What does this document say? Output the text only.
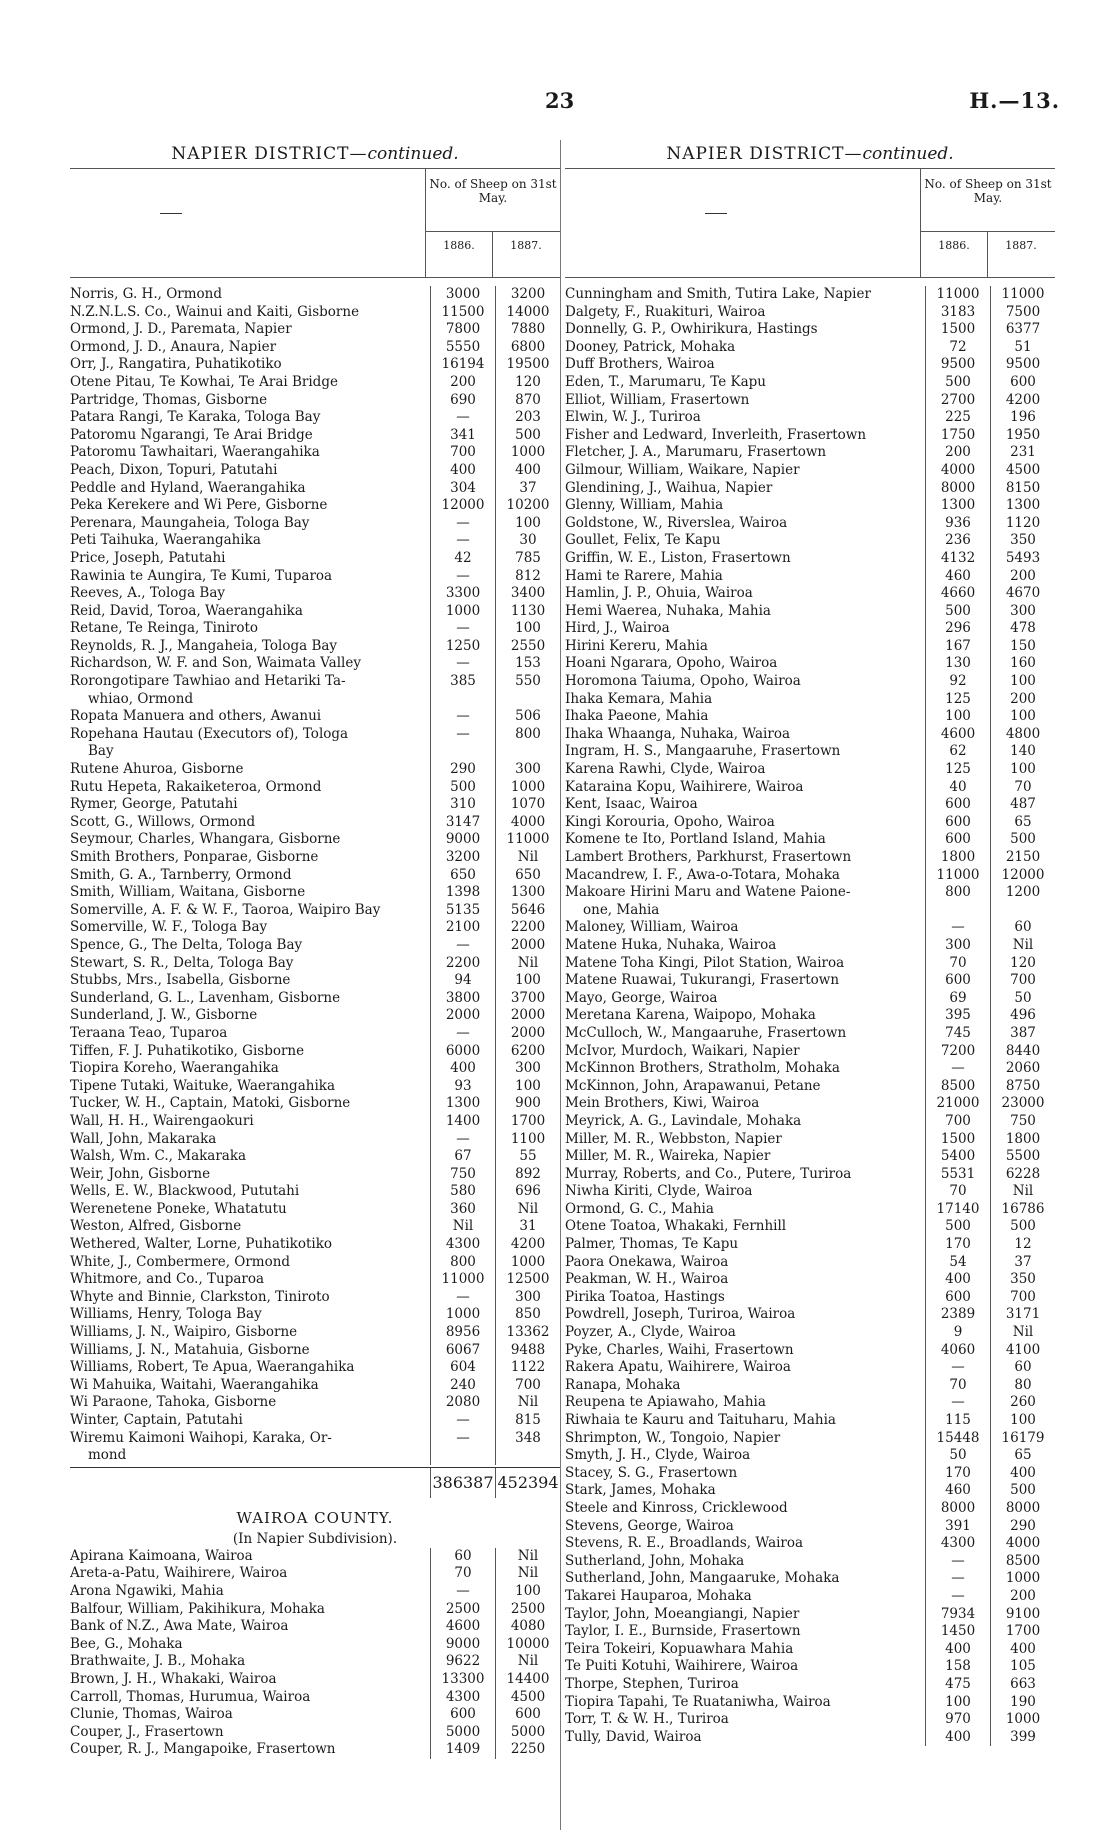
23	H.—13.
NAPIER DISTRICT—continued.
No. of Sheep on 31st May.
1886.	1887.
Norris, G. H., Ormond	3000	3200
N.Z.N.L.S. Co., Wainui and Kaiti, Gisborne	11500	14000
Ormond, J. D., Paremata, Napier	7800	7880
Ormond, J. D., Anaura, Napier	5550	6800
Orr, J., Rangatira, Puhatikotiko	16194	19500
Otene Pitau, Te Kowhai, Te Arai Bridge	200	120
Partridge, Thomas, Gisborne	690	870
Patara Rangi, Te Karaka, Tologa Bay	—	203
Patoromu Ngarangi, Te Arai Bridge	341	500
Patoromu Tawhaitari, Waerangahika	700	1000
Peach, Dixon, Topuri, Patutahi	400	400
Peddle and Hyland, Waerangahika	304	37
Peka Kerekere and Wi Pere, Gisborne	12000	10200
Perenara, Maungaheia, Tologa Bay	—	100
Peti Taihuka, Waerangahika	—	30
Price, Joseph, Patutahi	42	785
Rawinia te Aungira, Te Kumi, Tuparoa	—	812
Reeves, A., Tologa Bay	3300	3400
Reid, David, Toroa, Waerangahika	1000	1130
Retane, Te Reinga, Tiniroto	—	100
Reynolds, R. J., Mangaheia, Tologa Bay	1250	2550
Richardson, W. F. and Son, Waimata Valley	—	153
Rorongotipare Tawhiao and Hetariki Ta-	385	550
whiao, Ormond
Ropata Manuera and others, Awanui	—	506
Ropehana Hautau (Executors of), Tologa	—	800
Bay
Rutene Ahuroa, Gisborne	290	300
Rutu Hepeta, Rakaiketeroa, Ormond	500	1000
Rymer, George, Patutahi	310	1070
Scott, G., Willows, Ormond	3147	4000
Seymour, Charles, Whangara, Gisborne	9000	11000
Smith Brothers, Ponparae, Gisborne	3200	Nil
Smith, G. A., Tarnberry, Ormond	650	650
Smith, William, Waitana, Gisborne	1398	1300
Somerville, A. F. & W. F., Taoroa, Waipiro Bay	5135	5646
Somerville, W. F., Tologa Bay	2100	2200
Spence, G., The Delta, Tologa Bay	—	2000
Stewart, S. R., Delta, Tologa Bay	2200	Nil
Stubbs, Mrs., Isabella, Gisborne	94	100
Sunderland, G. L., Lavenham, Gisborne	3800	3700
Sunderland, J. W., Gisborne	2000	2000
Teraana Teao, Tuparoa	—	2000
Tiffen, F. J. Puhatikotiko, Gisborne	6000	6200
Tiopira Koreho, Waerangahika	400	300
Tipene Tutaki, Waituke, Waerangahika	93	100
Tucker, W. H., Captain, Matoki, Gisborne	1300	900
Wall, H. H., Wairengaokuri	1400	1700
Wall, John, Makaraka	—	1100
Walsh, Wm. C., Makaraka	67	55
Weir, John, Gisborne	750	892
Wells, E. W., Blackwood, Pututahi	580	696
Werenetene Poneke, Whatatutu	360	Nil
Weston, Alfred, Gisborne	Nil	31
Wethered, Walter, Lorne, Puhatikotiko	4300	4200
White, J., Combermere, Ormond	800	1000
Whitmore, and Co., Tuparoa	11000	12500
Whyte and Binnie, Clarkston, Tiniroto	—	300
Williams, Henry, Tologa Bay	1000	850
Williams, J. N., Waipiro, Gisborne	8956	13362
Williams, J. N., Matahuia, Gisborne	6067	9488
Williams, Robert, Te Apua, Waerangahika	604	1122
Wi Mahuika, Waitahi, Waerangahika	240	700
Wi Paraone, Tahoka, Gisborne	2080	Nil
Winter, Captain, Patutahi	—	815
Wiremu Kaimoni Waihopi, Karaka, Or-	—	348
mond
386387 452394
WAIROA COUNTY.
(In Napier Subdivision).
Apirana Kaimoana, Wairoa	60	Nil
Areta-a-Patu, Waihirere, Wairoa	70	Nil
Arona Ngawiki, Mahia	—	100
Balfour, William, Pakihikura, Mohaka	2500	2500
Bank of N.Z., Awa Mate, Wairoa	4600	4080
Bee, G., Mohaka	9000	10000
Brathwaite, J. B., Mohaka	9622	Nil
Brown, J. H., Whakaki, Wairoa	13300	14400
Carroll, Thomas, Hurumua, Wairoa	4300	4500
Clunie, Thomas, Wairoa	600	600
Couper, J., Frasertown	5000	5000
Couper, R. J., Mangapoike, Frasertown	1409	2250
NAPIER DISTRICT—continued.
No. of Sheep on 31st May.
1886.	1887.
Cunningham and Smith, Tutira Lake, Napier	11000	11000
Dalgety, F., Ruakituri, Wairoa	3183	7500
Donnelly, G. P., Owhirikura, Hastings	1500	6377
Dooney, Patrick, Mohaka	72	51
Duff Brothers, Wairoa	9500	9500
Eden, T., Marumaru, Te Kapu	500	600
Elliot, William, Frasertown	2700	4200
Elwin, W. J., Turiroa	225	196
Fisher and Ledward, Inverleith, Frasertown	1750	1950
Fletcher, J. A., Marumaru, Frasertown	200	231
Gilmour, William, Waikare, Napier	4000	4500
Glendining, J., Waihua, Napier	8000	8150
Glenny, William, Mahia	1300	1300
Goldstone, W., Riverslea, Wairoa	936	1120
Goullet, Felix, Te Kapu	236	350
Griffin, W. E., Liston, Frasertown	4132	5493
Hami te Rarere, Mahia	460	200
Hamlin, J. P., Ohuia, Wairoa	4660	4670
Hemi Waerea, Nuhaka, Mahia	500	300
Hird, J., Wairoa	296	478
Hirini Kereru, Mahia	167	150
Hoani Ngarara, Opoho, Wairoa	130	160
Horomona Taiuma, Opoho, Wairoa	92	100
Ihaka Kemara, Mahia	125	200
Ihaka Paeone, Mahia	100	100
Ihaka Whaanga, Nuhaka, Wairoa	4600	4800
Ingram, H. S., Mangaaruhe, Frasertown	62	140
Karena Rawhi, Clyde, Wairoa	125	100
Kataraina Kopu, Waihirere, Wairoa	40	70
Kent, Isaac, Wairoa	600	487
Kingi Korouria, Opoho, Wairoa	600	65
Komene te Ito, Portland Island, Mahia	600	500
Lambert Brothers, Parkhurst, Frasertown	1800	2150
Macandrew, I. F., Awa-o-Totara, Mohaka	11000	12000
Makoare Hirini Maru and Watene Paione-	800	1200
one, Mahia
Maloney, William, Wairoa	—	60
Matene Huka, Nuhaka, Wairoa	300	Nil
Matene Toha Kingi, Pilot Station, Wairoa	70	120
Matene Ruawai, Tukurangi, Frasertown	600	700
Mayo, George, Wairoa	69	50
Meretana Karena, Waipopo, Mohaka	395	496
McCulloch, W., Mangaaruhe, Frasertown	745	387
McIvor, Murdoch, Waikari, Napier	7200	8440
McKinnon Brothers, Stratholm, Mohaka	—	2060
McKinnon, John, Arapawanui, Petane	8500	8750
Mein Brothers, Kiwi, Wairoa	21000	23000
Meyrick, A. G., Lavindale, Mohaka	700	750
Miller, M. R., Webbston, Napier	1500	1800
Miller, M. R., Waireka, Napier	5400	5500
Murray, Roberts, and Co., Putere, Turiroa	5531	6228
Niwha Kiriti, Clyde, Wairoa	70	Nil
Ormond, G. C., Mahia	17140	16786
Otene Toatoa, Whakaki, Fernhill	500	500
Palmer, Thomas, Te Kapu	170	12
Paora Onekawa, Wairoa	54	37
Peakman, W. H., Wairoa	400	350
Pirika Toatoa, Hastings	600	700
Powdrell, Joseph, Turiroa, Wairoa	2389	3171
Poyzer, A., Clyde, Wairoa	9	Nil
Pyke, Charles, Waihi, Frasertown	4060	4100
Rakera Apatu, Waihirere, Wairoa	—	60
Ranapa, Mohaka	70	80
Reupena te Apiawaho, Mahia	—	260
Riwhaia te Kauru and Taituharu, Mahia	115	100
Shrimpton, W., Tongoio, Napier	15448	16179
Smyth, J. H., Clyde, Wairoa	50	65
Stacey, S. G., Frasertown	170	400
Stark, James, Mohaka	460	500
Steele and Kinross, Cricklewood	8000	8000
Stevens, George, Wairoa	391	290
Stevens, R. E., Broadlands, Wairoa	4300	4000
Sutherland, John, Mohaka	—	8500
Sutherland, John, Mangaaruke, Mohaka	—	1000
Takarei Hauparoa, Mohaka	—	200
Taylor, John, Moeangiangi, Napier	7934	9100
Taylor, I. E., Burnside, Frasertown	1450	1700
Teira Tokeiri, Kopuawhara Mahia	400	400
Te Puiti Kotuhi, Waihirere, Wairoa	158	105
Thorpe, Stephen, Turiroa	475	663
Tiopira Tapahi, Te Ruataniwha, Wairoa	100	190
Torr, T. & W. H., Turiroa	970	1000
Tully, David, Wairoa	400	399
